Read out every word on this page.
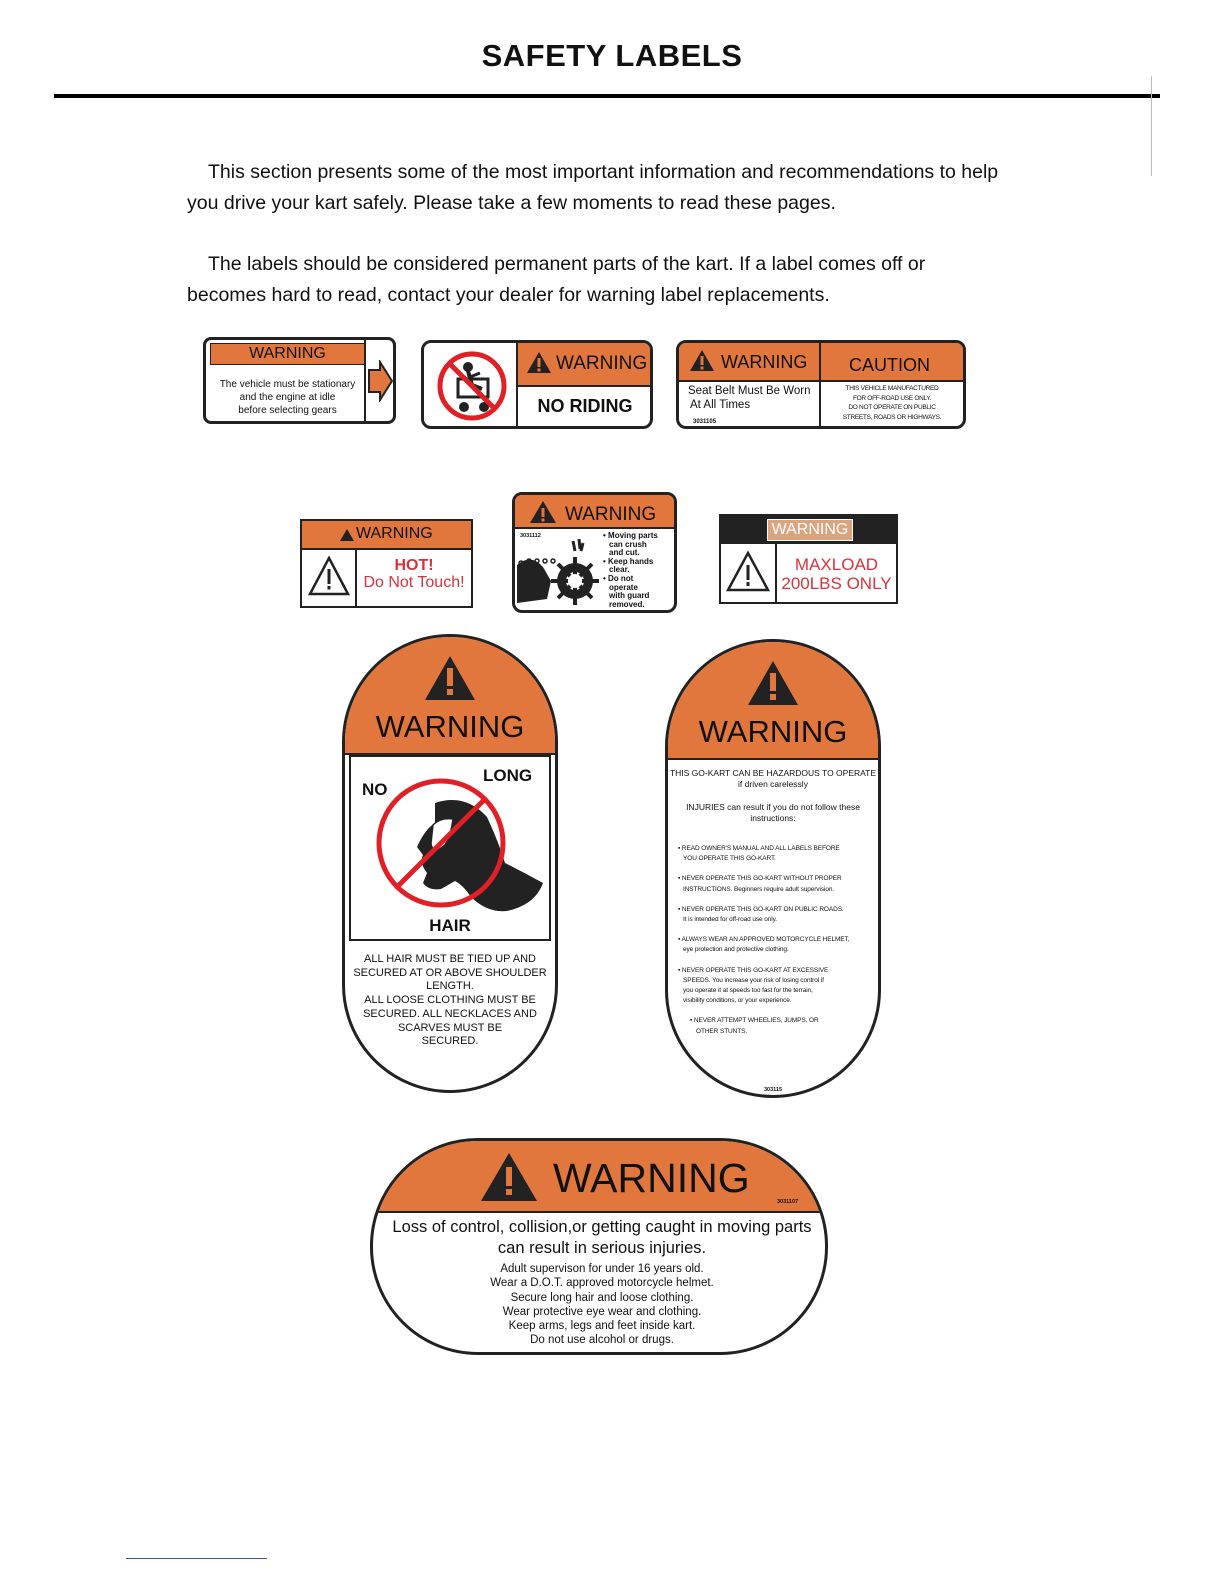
SAFETY LABELS
This section presents some of the most important information and recommendations to help
you drive your kart safely. Please take a few moments to read these pages.
The labels should be considered permanent parts of the kart. If a label comes off or
becomes hard to read, contact your dealer for warning label replacements.
WARNING
The vehicle must be stationary
and the engine at idle
before selecting gears
WARNING
NO RIDING
WARNING CAUTION
Seat Belt Must Be Worn
At All Times
3031105
THIS VEHICLE MANUFACTURED
FOR OFF-ROAD USE ONLY.
DO NOT OPERATE ON PUBLIC
STREETS, ROADS OR HIGHWAYS.
WARNING
HOT!
Do Not Touch!
WARNING
3031112	• Moving parts
can crush
and cut.
• Keep hands
clear.
• Do not
operate
with guard
removed.
WARNING
MAXLOAD
200LBS ONLY
WARNING
NO
LONG
HAIR
ALL HAIR MUST BE TIED UP AND
SECURED AT OR ABOVE SHOULDER
LENGTH.
ALL LOOSE CLOTHING MUST BE
SECURED. ALL NECKLACES AND
SCARVES MUST BE
SECURED.
WARNING
THIS GO-KART CAN BE HAZARDOUS TO OPERATE
if driven carelessly
INJURIES can result if you do not follow these
instructions:
▪ READ OWNER'S MANUAL AND ALL LABELS BEFORE
YOU OPERATE THIS GO-KART.
▪ NEVER OPERATE THIS GO-KART WITHOUT PROPER
INSTRUCTIONS. Beginners require adult supervision.
▪ NEVER OPERATE THIS GO-KART ON PUBLIC ROADS.
It is intended for off-road use only.
▪ ALWAYS WEAR AN APPROVED MOTORCYCLE HELMET,
eye protection and protective clothing.
▪ NEVER OPERATE THIS GO-KART AT EXCESSIVE
SPEEDS. You increase your risk of losing control if
you operate it at speeds too fast for the terrain,
visibility conditions, or your experience.
▪ NEVER ATTEMPT WHEELIES, JUMPS, OR
OTHER STUNTS.
303115
WARNING
3031107
Loss of control, collision,or getting caught in moving parts
can result in serious injuries.
Adult supervison for under 16 years old.
Wear a D.O.T. approved motorcycle helmet.
Secure long hair and loose clothing.
Wear protective eye wear and clothing.
Keep arms, legs and feet inside kart.
Do not use alcohol or drugs.
